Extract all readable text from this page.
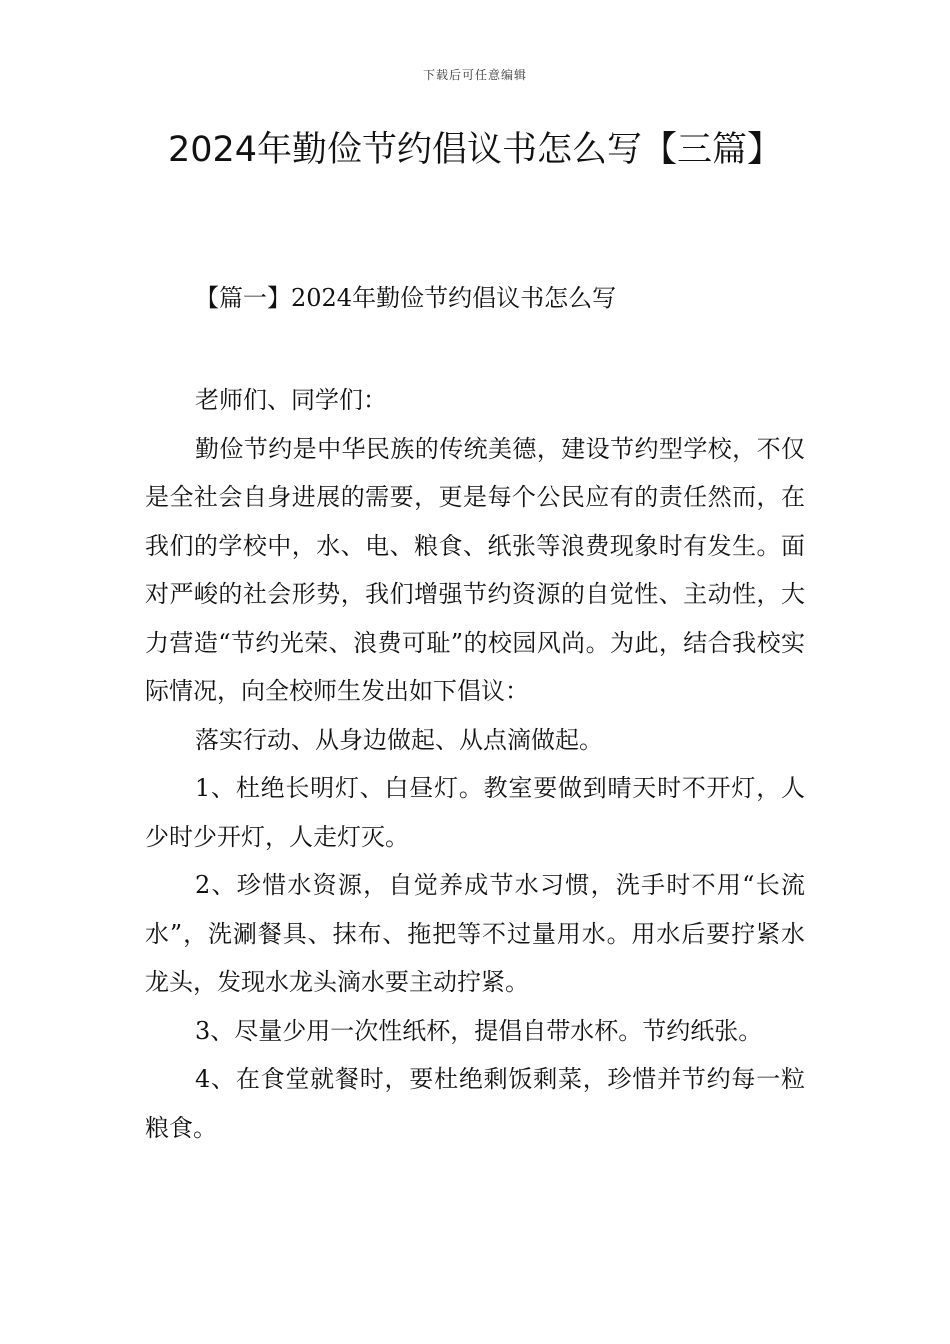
下载后可任意编辑
2024年勤俭节约倡议书怎么写【三篇】
【篇一】2024年勤俭节约倡议书怎么写

老师们、同学们：

勤俭节约是中华民族的传统美德，建设节约型学校，不仅是全社会自身进展的需要，更是每个公民应有的责任然而，在我们的学校中，水、电、粮食、纸张等浪费现象时有发生。面对严峻的社会形势，我们增强节约资源的自觉性、主动性，大力营造“节约光荣、浪费可耻”的校园风尚。为此，结合我校实际情况，向全校师生发出如下倡议：

落实行动、从身边做起、从点滴做起。

1、杜绝长明灯、白昼灯。教室要做到晴天时不开灯，人少时少开灯，人走灯灭。

2、珍惜水资源，自觉养成节水习惯，洗手时不用“长流水”，洗涮餐具、抹布、拖把等不过量用水。用水后要拧紧水龙头，发现水龙头滴水要主动拧紧。

3、尽量少用一次性纸杯，提倡自带水杯。节约纸张。

4、在食堂就餐时，要杜绝剩饭剩菜，珍惜并节约每一粒粮食。
